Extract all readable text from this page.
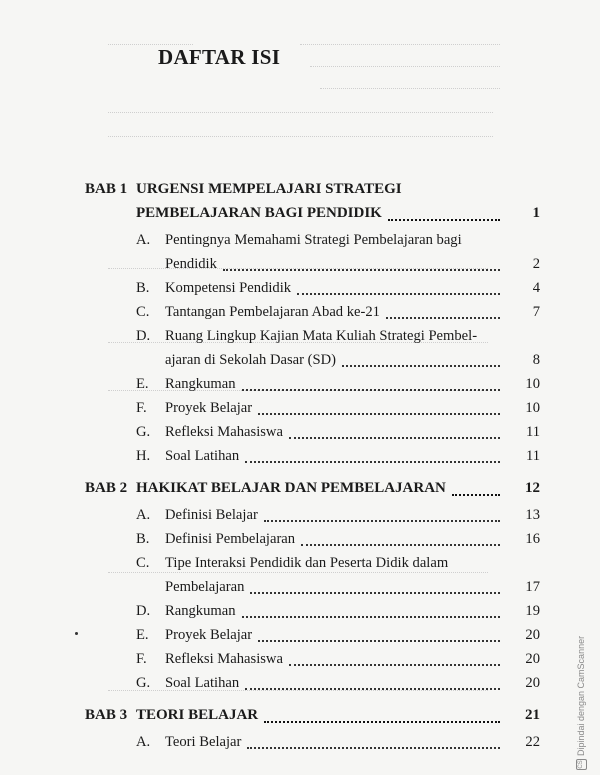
DAFTAR ISI
BAB 1 URGENSI MEMPELAJARI STRATEGI
PEMBELAJARAN BAGI PENDIDIK	1
A. Pentingnya Memahami Strategi Pembelajaran bagi
Pendidik	2
B. Kompetensi Pendidik	4
C. Tantangan Pembelajaran Abad ke-21	7
D. Ruang Lingkup Kajian Mata Kuliah Strategi Pembel-
ajaran di Sekolah Dasar (SD)	8
E. Rangkuman	10
F. Proyek Belajar	10
G. Refleksi Mahasiswa	11
H. Soal Latihan	11
BAB 2 HAKIKAT BELAJAR DAN PEMBELAJARAN	12
A. Definisi Belajar	13
B. Definisi Pembelajaran	16
C. Tipe Interaksi Pendidik dan Peserta Didik dalam
Pembelajaran	17
D. Rangkuman	19
E. Proyek Belajar	20
F. Refleksi Mahasiswa	20
G. Soal Latihan	20
BAB 3 TEORI BELAJAR	21
A. Teori Belajar	22
CSDipindai dengan CamScanner
